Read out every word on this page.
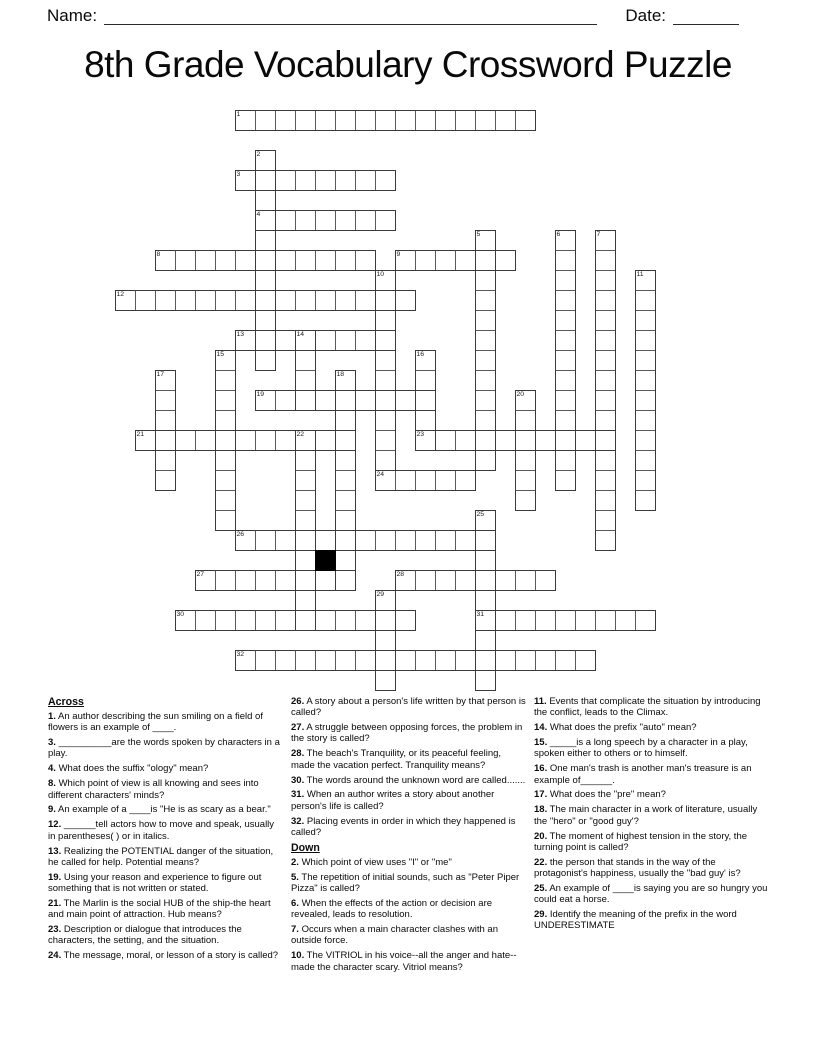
Name:	Date:
8th Grade Vocabulary Crossword Puzzle
1
2
3
4
5	6	7
8	9
10	11
12
13	14
15	16
17	18
19	20
21	22	23
24
25
26
27	28
29
30	31
32

Across

1. An author describing the sun smiling on a field of flowers is an example of ____.

3. __________are the words spoken by characters in a play.

4. What does the suffix "ology" mean?

8. Which point of view is all knowing and sees into different characters' minds?

9. An example of a ____is "He is as scary as a bear."

12. ______tell actors how to move and speak, usually in parentheses( ) or in italics.

13. Realizing the POTENTIAL danger of the situation, he called for help. Potential means?

19. Using your reason and experience to figure out something that is not written or stated.

21. The Marlin is the social HUB of the ship-the heart and main point of attraction. Hub means?

23. Description or dialogue that introduces the characters, the setting, and the situation.

24. The message, moral, or lesson of a story is called?

26. A story about a person's life written by that person is called?

27. A struggle between opposing forces, the problem in the story is called?

28. The beach's Tranquility, or its peaceful feeling, made the vacation perfect. Tranquility means?

30. The words around the unknown word are called.......

31. When an author writes a story about another person's life is called?

32. Placing events in order in which they happened is called?

Down

2. Which point of view uses "I" or "me"

5. The repetition of initial sounds, such as "Peter Piper Pizza" is called?

6. When the effects of the action or decision are revealed, leads to resolution.

7. Occurs when a main character clashes with an outside force.

10. The VITRIOL in his voice--all the anger and hate--made the character scary. Vitriol means?

11. Events that complicate the situation by introducing the conflict, leads to the Climax.

14. What does the prefix "auto" mean?

15. _____is a long speech by a character in a play, spoken either to others or to himself.

16. One man's trash is another man's treasure is an example of______.

17. What does the "pre" mean?

18. The main character in a work of literature, usually the "hero" or "good guy'?

20. The moment of highest tension in the story, the turning point is called?

22. the person that stands in the way of the protagonist's happiness, usually the "bad guy' is?

25. An example of ____is saying you are so hungry you could eat a horse.

29. Identify the meaning of the prefix in the word UNDERESTIMATE
